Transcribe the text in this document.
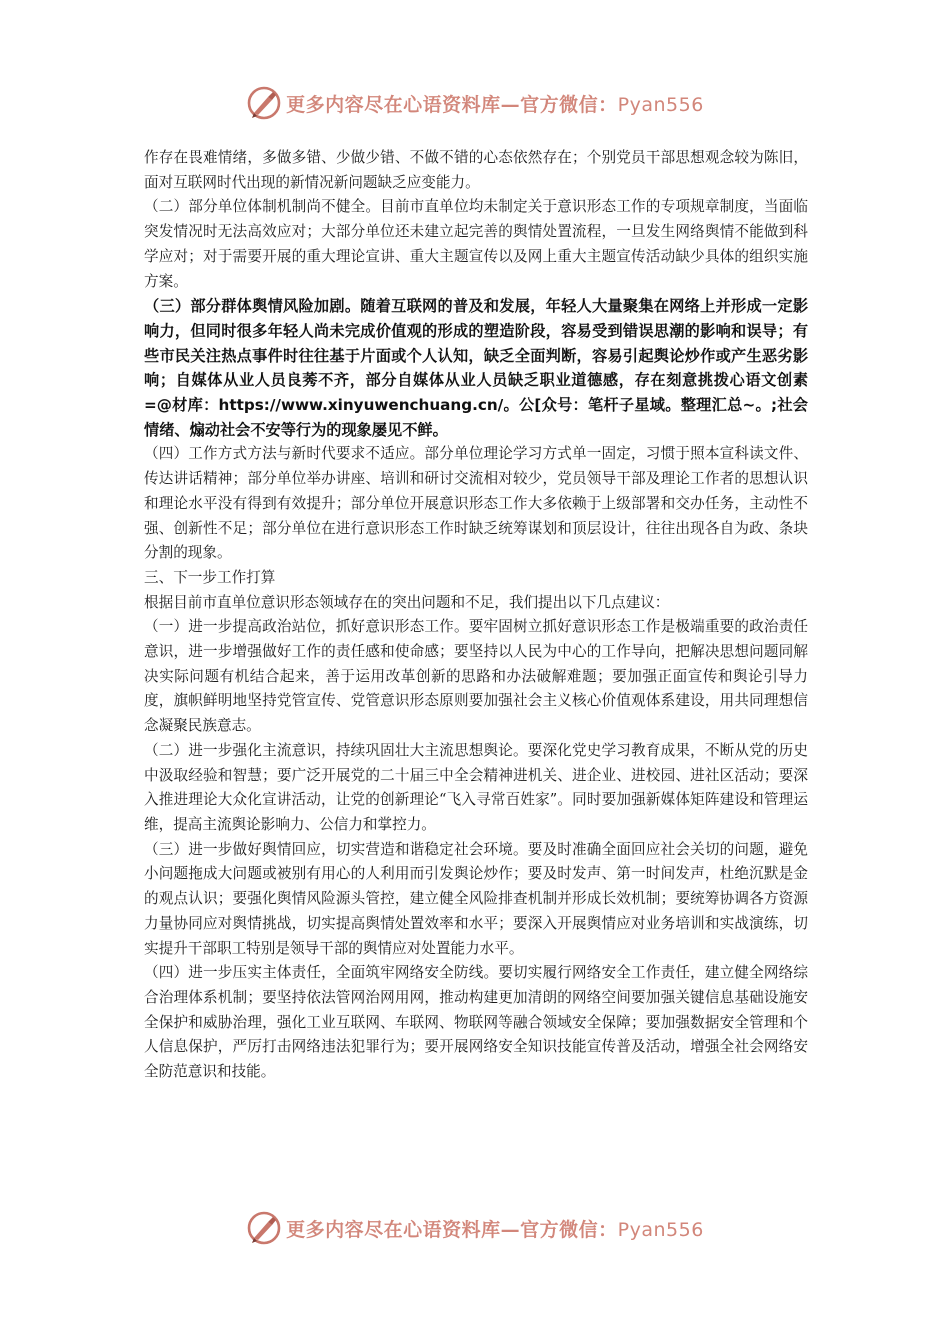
更多内容尽在心语资料库—官方微信：Pyan556

作存在畏难情绪，多做多错、少做少错、不做不错的心态依然存在；个别党员干部思想观念较为陈旧，面对互联网时代出现的新情况新问题缺乏应变能力。

（二）部分单位体制机制尚不健全。目前市直单位均未制定关于意识形态工作的专项规章制度，当面临突发情况时无法高效应对；大部分单位还未建立起完善的舆情处置流程，一旦发生网络舆情不能做到科学应对；对于需要开展的重大理论宣讲、重大主题宣传以及网上重大主题宣传活动缺少具体的组织实施方案。

（三）部分群体舆情风险加剧。随着互联网的普及和发展，年轻人大量聚集在网络上并形成一定影响力，但同时很多年轻人尚未完成价值观的形成的塑造阶段，容易受到错误思潮的影响和误导；有些市民关注热点事件时往往基于片面或个人认知，缺乏全面判断，容易引起舆论炒作或产生恶劣影响；自媒体从业人员良莠不齐，部分自媒体从业人员缺乏职业道德感，存在刻意挑拨心语文创素=@材库：https://www.xinyuwenchuang.cn/。公[众号：笔杆子星域。整理汇总~。;社会情绪、煽动社会不安等行为的现象屡见不鲜。

（四）工作方式方法与新时代要求不适应。部分单位理论学习方式单一固定，习惯于照本宣科读文件、传达讲话精神；部分单位举办讲座、培训和研讨交流相对较少，党员领导干部及理论工作者的思想认识和理论水平没有得到有效提升；部分单位开展意识形态工作大多依赖于上级部署和交办任务，主动性不强、创新性不足；部分单位在进行意识形态工作时缺乏统筹谋划和顶层设计，往往出现各自为政、条块分割的现象。

三、下一步工作打算

根据目前市直单位意识形态领域存在的突出问题和不足，我们提出以下几点建议：

（一）进一步提高政治站位，抓好意识形态工作。要牢固树立抓好意识形态工作是极端重要的政治责任意识，进一步增强做好工作的责任感和使命感；要坚持以人民为中心的工作导向，把解决思想问题同解决实际问题有机结合起来，善于运用改革创新的思路和办法破解难题；要加强正面宣传和舆论引导力度，旗帜鲜明地坚持党管宣传、党管意识形态原则要加强社会主义核心价值观体系建设，用共同理想信念凝聚民族意志。

（二）进一步强化主流意识，持续巩固壮大主流思想舆论。要深化党史学习教育成果，不断从党的历史中汲取经验和智慧；要广泛开展党的二十届三中全会精神进机关、进企业、进校园、进社区活动；要深入推进理论大众化宣讲活动，让党的创新理论“飞入寻常百姓家”。同时要加强新媒体矩阵建设和管理运维，提高主流舆论影响力、公信力和掌控力。

（三）进一步做好舆情回应，切实营造和谐稳定社会环境。要及时准确全面回应社会关切的问题，避免小问题拖成大问题或被别有用心的人利用而引发舆论炒作；要及时发声、第一时间发声，杜绝沉默是金的观点认识；要强化舆情风险源头管控，建立健全风险排查机制并形成长效机制；要统筹协调各方资源力量协同应对舆情挑战，切实提高舆情处置效率和水平；要深入开展舆情应对业务培训和实战演练，切实提升干部职工特别是领导干部的舆情应对处置能力水平。

（四）进一步压实主体责任，全面筑牢网络安全防线。要切实履行网络安全工作责任，建立健全网络综合治理体系机制；要坚持依法管网治网用网，推动构建更加清朗的网络空间要加强关键信息基础设施安全保护和威胁治理，强化工业互联网、车联网、物联网等融合领域安全保障；要加强数据安全管理和个人信息保护，严厉打击网络违法犯罪行为；要开展网络安全知识技能宣传普及活动，增强全社会网络安全防范意识和技能。

更多内容尽在心语资料库—官方微信：Pyan556
